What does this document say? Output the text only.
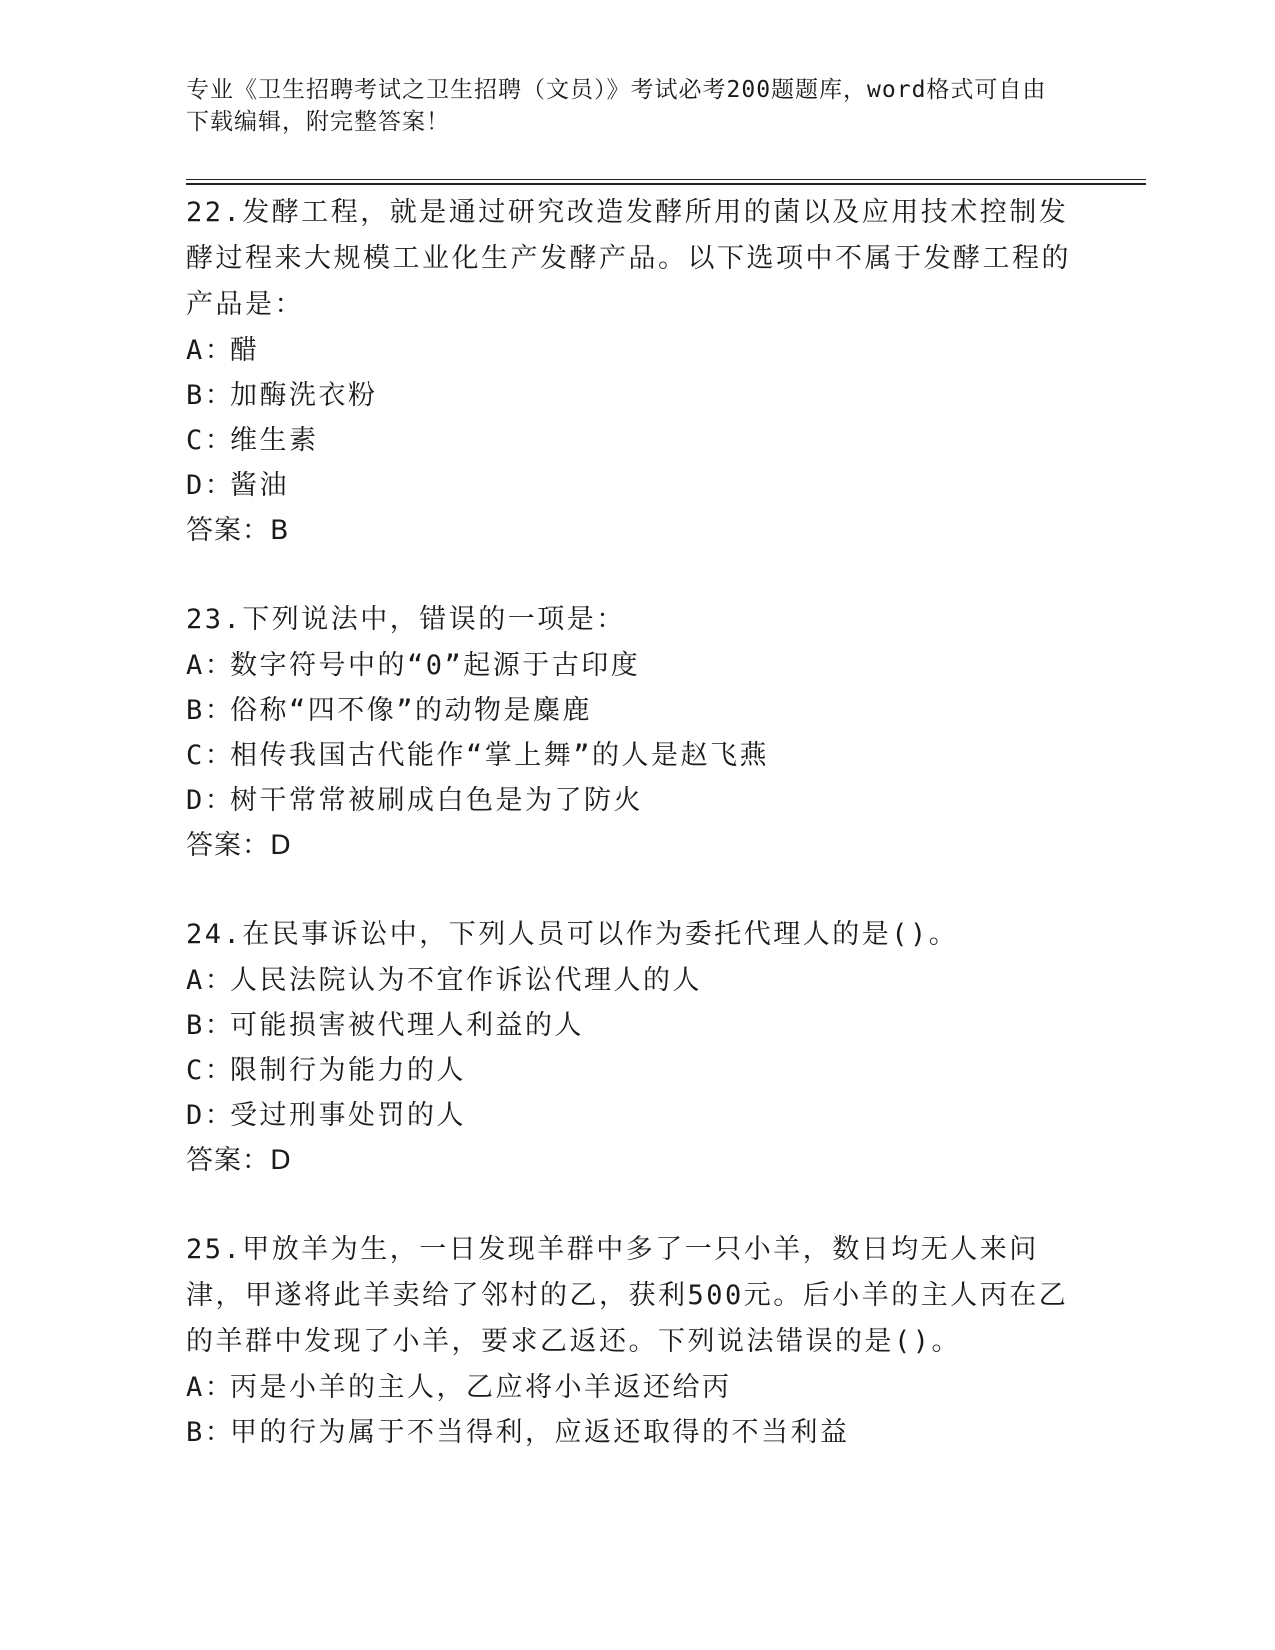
专业《卫生招聘考试之卫生招聘（文员）》考试必考200题题库，word格式可自由下载编辑，附完整答案！

22.发酵工程，就是通过研究改造发酵所用的菌以及应用技术控制发酵过程来大规模工业化生产发酵产品。以下选项中不属于发酵工程的产品是：

A：醋

B：加酶洗衣粉

C：维生素

D：酱油

答案：B

23.下列说法中，错误的一项是：

A：数字符号中的“0”起源于古印度

B：俗称“四不像”的动物是麋鹿

C：相传我国古代能作“掌上舞”的人是赵飞燕

D：树干常常被刷成白色是为了防火

答案：D

24.在民事诉讼中，下列人员可以作为委托代理人的是()。

A：人民法院认为不宜作诉讼代理人的人

B：可能损害被代理人利益的人

C：限制行为能力的人

D：受过刑事处罚的人

答案：D

25.甲放羊为生，一日发现羊群中多了一只小羊，数日均无人来问津，甲遂将此羊卖给了邻村的乙，获利500元。后小羊的主人丙在乙的羊群中发现了小羊，要求乙返还。下列说法错误的是()。

A：丙是小羊的主人，乙应将小羊返还给丙

B：甲的行为属于不当得利，应返还取得的不当利益
